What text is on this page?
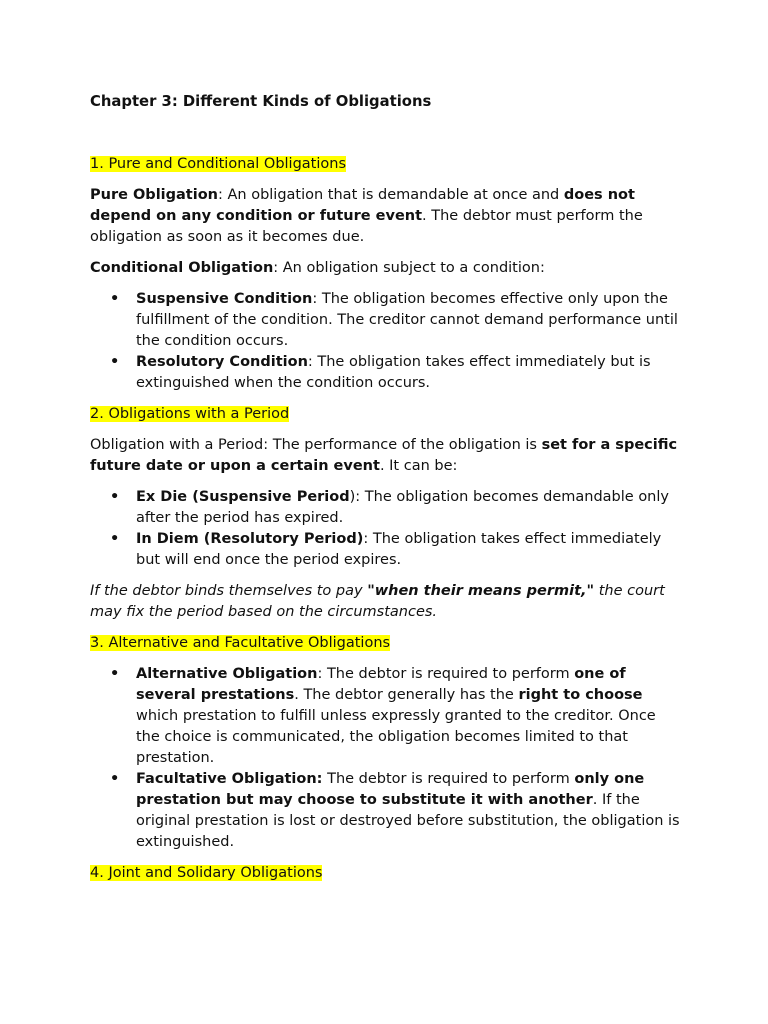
Chapter 3: Different Kinds of Obligations
1. Pure and Conditional Obligations

Pure Obligation: An obligation that is demandable at once and does not depend on any condition or future event. The debtor must perform the obligation as soon as it becomes due.

Conditional Obligation: An obligation subject to a condition:

• Suspensive Condition: The obligation becomes effective only upon the fulfillment of the condition. The creditor cannot demand performance until the condition occurs.
• Resolutory Condition: The obligation takes effect immediately but is extinguished when the condition occurs.
2. Obligations with a Period

Obligation with a Period: The performance of the obligation is set for a specific future date or upon a certain event. It can be:

• Ex Die (Suspensive Period): The obligation becomes demandable only after the period has expired.
• In Diem (Resolutory Period): The obligation takes effect immediately but will end once the period expires.

If the debtor binds themselves to pay "when their means permit," the court may fix the period based on the circumstances.

3. Alternative and Facultative Obligations
• Alternative Obligation: The debtor is required to perform one of several prestations. The debtor generally has the right to choose which prestation to fulfill unless expressly granted to the creditor. Once the choice is communicated, the obligation becomes limited to that prestation.
• Facultative Obligation: The debtor is required to perform only one prestation but may choose to substitute it with another. If the original prestation is lost or destroyed before substitution, the obligation is extinguished.
4. Joint and Solidary Obligations
